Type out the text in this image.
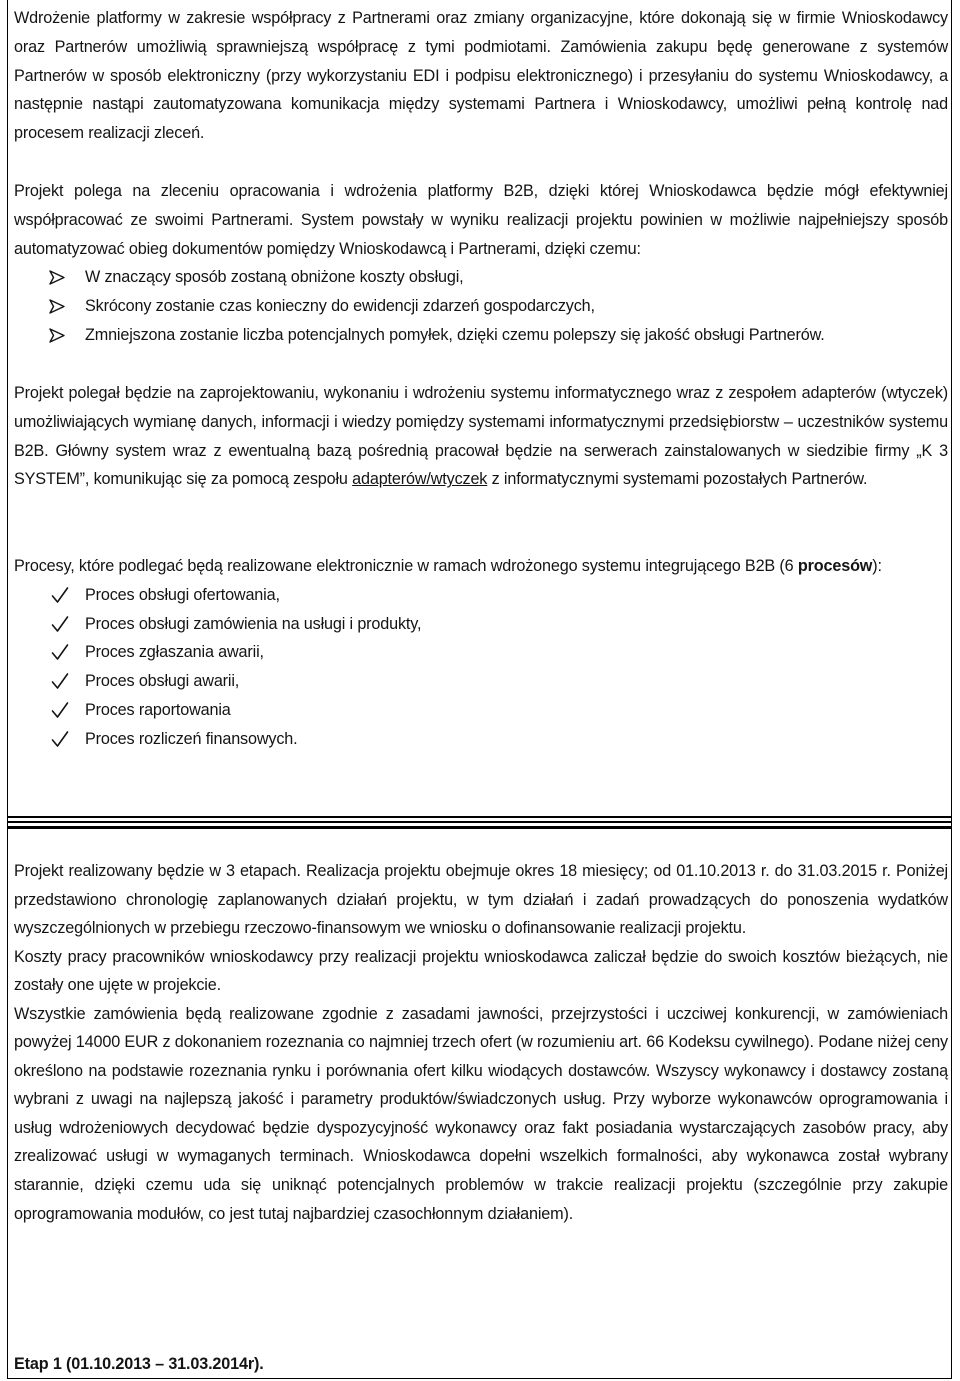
Wdrożenie platformy w zakresie współpracy z Partnerami oraz zmiany organizacyjne, które dokonają się w firmie Wnioskodawcy oraz Partnerów umożliwią sprawniejszą współpracę z tymi podmiotami. Zamówienia zakupu będę generowane z systemów Partnerów w sposób elektroniczny (przy wykorzystaniu EDI i podpisu elektronicznego) i przesyłaniu do systemu Wnioskodawcy, a następnie nastąpi zautomatyzowana komunikacja między systemami Partnera i Wnioskodawcy, umożliwi pełną kontrolę nad procesem realizacji zleceń.

Projekt polega na zleceniu opracowania i wdrożenia platformy B2B, dzięki której Wnioskodawca będzie mógł efektywniej współpracować ze swoimi Partnerami. System powstały w wyniku realizacji projektu powinien w możliwie najpełniejszy sposób automatyzować obieg dokumentów pomiędzy Wnioskodawcą i Partnerami, dzięki czemu:

W znaczący sposób zostaną obniżone koszty obsługi,
Skrócony zostanie czas konieczny do ewidencji zdarzeń gospodarczych,
Zmniejszona zostanie liczba potencjalnych pomyłek, dzięki czemu polepszy się jakość obsługi Partnerów.

Projekt polegał będzie na zaprojektowaniu, wykonaniu i wdrożeniu systemu informatycznego wraz z zespołem adapterów (wtyczek) umożliwiających wymianę danych, informacji i wiedzy pomiędzy systemami informatycznymi przedsiębiorstw – uczestników systemu B2B. Główny system wraz z ewentualną bazą pośrednią pracował będzie na serwerach zainstalowanych w siedzibie firmy „K 3 SYSTEM”, komunikując się za pomocą zespołu adapterów/wtyczek z informatycznymi systemami pozostałych Partnerów.

Procesy, które podlegać będą realizowane elektronicznie w ramach wdrożonego systemu integrującego B2B (6 procesów):

Proces obsługi ofertowania,
Proces obsługi zamówienia na usługi i produkty,
Proces zgłaszania awarii,
Proces obsługi awarii,
Proces raportowania
Proces rozliczeń finansowych.

Projekt realizowany będzie w 3 etapach. Realizacja projektu obejmuje okres 18 miesięcy; od 01.10.2013 r. do 31.03.2015 r. Poniżej przedstawiono chronologię zaplanowanych działań projektu, w tym działań i zadań prowadzących do ponoszenia wydatków wyszczególnionych w przebiegu rzeczowo-finansowym we wniosku o dofinansowanie realizacji projektu.

Koszty pracy pracowników wnioskodawcy przy realizacji projektu wnioskodawca zaliczał będzie do swoich kosztów bieżących, nie zostały one ujęte w projekcie.

Wszystkie zamówienia będą realizowane zgodnie z zasadami jawności, przejrzystości i uczciwej konkurencji, w zamówieniach powyżej 14000 EUR z dokonaniem rozeznania co najmniej trzech ofert (w rozumieniu art. 66 Kodeksu cywilnego). Podane niżej ceny określono na podstawie rozeznania rynku i porównania ofert kilku wiodących dostawców. Wszyscy wykonawcy i dostawcy zostaną wybrani z uwagi na najlepszą jakość i parametry produktów/świadczonych usług. Przy wyborze wykonawców oprogramowania i usług wdrożeniowych decydować będzie dyspozycyjność wykonawcy oraz fakt posiadania wystarczających zasobów pracy, aby zrealizować usługi w wymaganych terminach. Wnioskodawca dopełni wszelkich formalności, aby wykonawca został wybrany starannie, dzięki czemu uda się uniknąć potencjalnych problemów w trakcie realizacji projektu (szczególnie przy zakupie oprogramowania modułów, co jest tutaj najbardziej czasochłonnym działaniem).

Etap 1 (01.10.2013 – 31.03.2014r).
